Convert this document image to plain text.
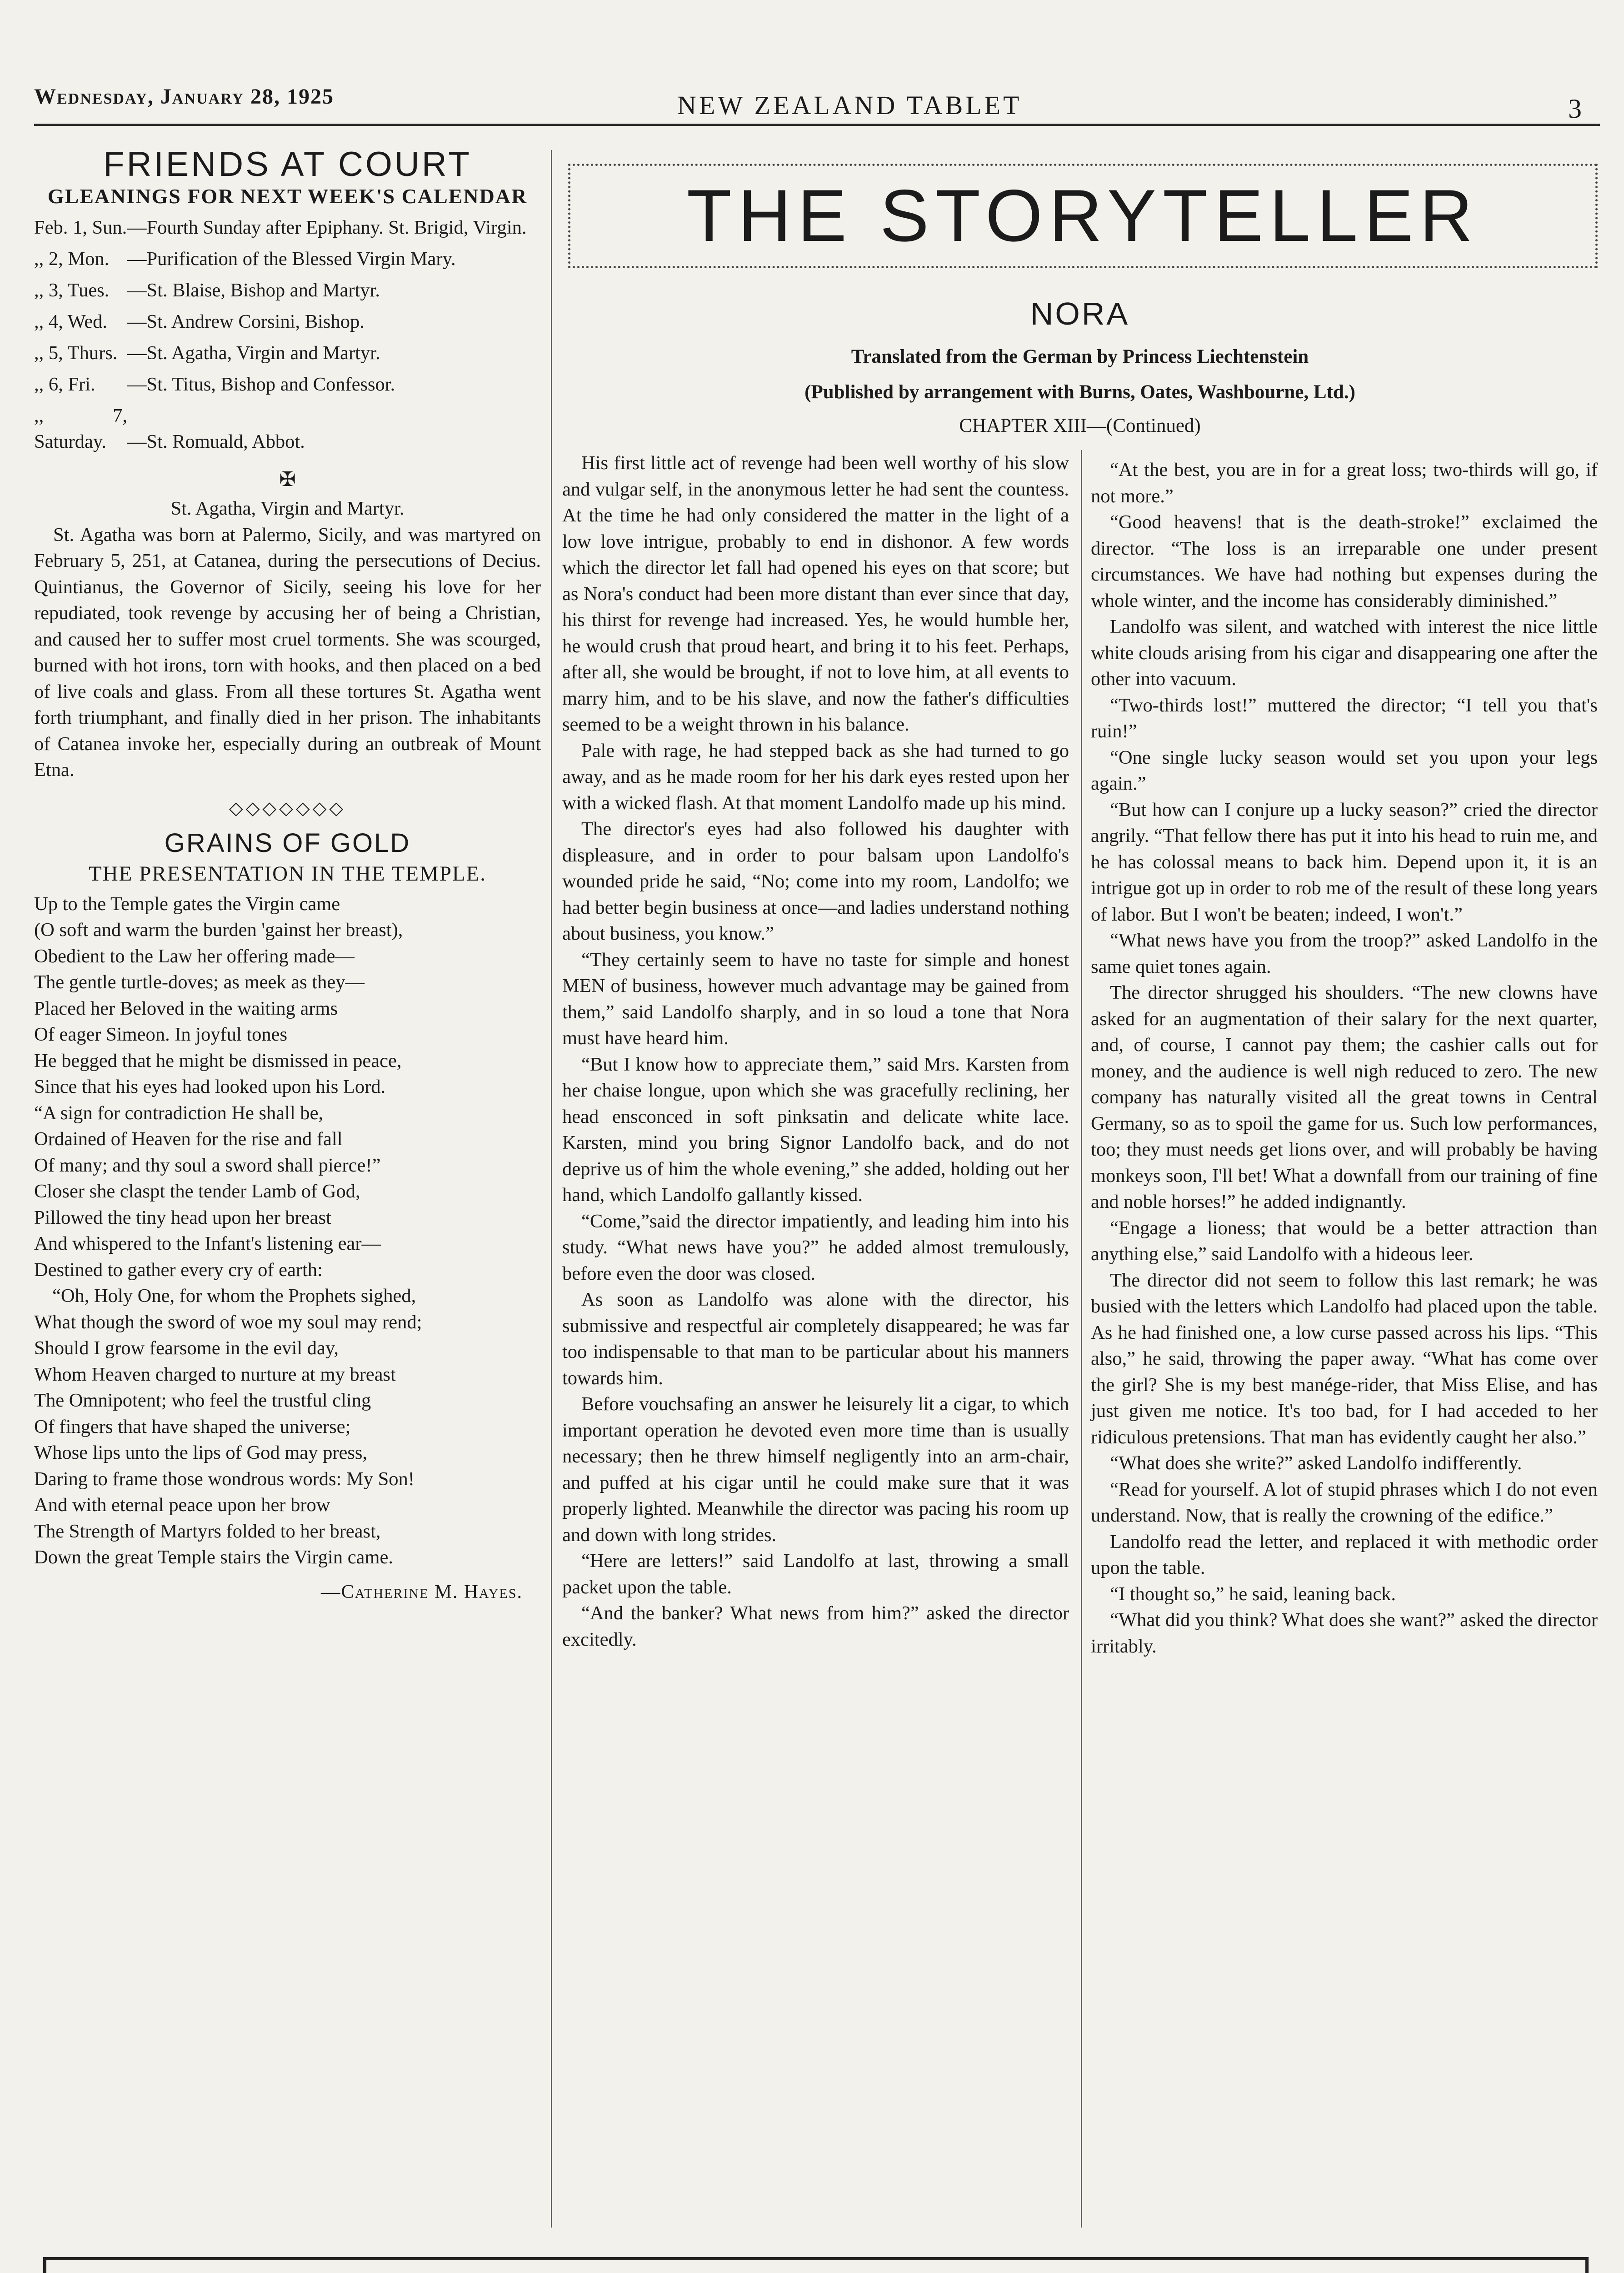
Wednesday, January 28, 1925	NEW ZEALAND TABLET	3
FRIENDS AT COURT
GLEANINGS FOR NEXT WEEK'S CALENDAR
Feb. 1, Sun.—Fourth Sunday after Epiphany. St. Brigid, Virgin.
,, 2, Mon. —Purification of the Blessed Virgin Mary.
,, 3, Tues. —St. Blaise, Bishop and Martyr.
,, 4, Wed. —St. Andrew Corsini, Bishop.
,, 5, Thurs. —St. Agatha, Virgin and Martyr.
,, 6, Fri. —St. Titus, Bishop and Confessor.
,, 7, Saturday. —St. Romuald, Abbot.
✠

St. Agatha, Virgin and Martyr.

St. Agatha was born at Palermo, Sicily, and was martyred on February 5, 251, at Catanea, during the persecutions of Decius. Quintianus, the Governor of Sicily, seeing his love for her repudiated, took revenge by accusing her of being a Christian, and caused her to suffer most cruel torments. She was scourged, burned with hot irons, torn with hooks, and then placed on a bed of live coals and glass. From all these tortures St. Agatha went forth triumphant, and finally died in her prison. The inhabitants of Catanea invoke her, especially during an outbreak of Mount Etna.

◇◇◇◇◇◇◇
GRAINS OF GOLD
THE PRESENTATION IN THE TEMPLE.
Up to the Temple gates the Virgin came
(O soft and warm the burden 'gainst her breast),
Obedient to the Law her offering made—
The gentle turtle-doves; as meek as they—
Placed her Beloved in the waiting arms
Of eager Simeon. In joyful tones
He begged that he might be dismissed in peace,
Since that his eyes had looked upon his Lord.
“A sign for contradiction He shall be,
Ordained of Heaven for the rise and fall
Of many; and thy soul a sword shall pierce!”
Closer she claspt the tender Lamb of God,
Pillowed the tiny head upon her breast
And whispered to the Infant's listening ear—
Destined to gather every cry of earth:
“Oh, Holy One, for whom the Prophets sighed,
What though the sword of woe my soul may rend;
Should I grow fearsome in the evil day,
Whom Heaven charged to nurture at my breast
The Omnipotent; who feel the trustful cling
Of fingers that have shaped the universe;
Whose lips unto the lips of God may press,
Daring to frame those wondrous words: My Son!
And with eternal peace upon her brow
The Strength of Martyrs folded to her breast,
Down the great Temple stairs the Virgin came.
—Catherine M. Hayes.
THE STORYTELLER
NORA
Translated from the German by Princess Liechtenstein
(Published by arrangement with Burns, Oates, Washbourne, Ltd.)
CHAPTER XIII—(Continued)

His first little act of revenge had been well worthy of his slow and vulgar self, in the anonymous letter he had sent the countess. At the time he had only considered the matter in the light of a low love intrigue, probably to end in dishonor. A few words which the director let fall had opened his eyes on that score; but as Nora's conduct had been more distant than ever since that day, his thirst for revenge had increased. Yes, he would humble her, he would crush that proud heart, and bring it to his feet. Perhaps, after all, she would be brought, if not to love him, at all events to marry him, and to be his slave, and now the father's difficulties seemed to be a weight thrown in his balance.

Pale with rage, he had stepped back as she had turned to go away, and as he made room for her his dark eyes rested upon her with a wicked flash. At that moment Landolfo made up his mind.

The director's eyes had also followed his daughter with displeasure, and in order to pour balsam upon Landolfo's wounded pride he said, “No; come into my room, Landolfo; we had better begin business at once—and ladies understand nothing about business, you know.”

“They certainly seem to have no taste for simple and honest MEN of business, however much advantage may be gained from them,” said Landolfo sharply, and in so loud a tone that Nora must have heard him.

“But I know how to appreciate them,” said Mrs. Karsten from her chaise longue, upon which she was gracefully reclining, her head ensconced in soft pinksatin and delicate white lace. Karsten, mind you bring Signor Landolfo back, and do not deprive us of him the whole evening,” she added, holding out her hand, which Landolfo gallantly kissed.

“Come,”said the director impatiently, and leading him into his study. “What news have you?” he added almost tremulously, before even the door was closed.

As soon as Landolfo was alone with the director, his submissive and respectful air completely disappeared; he was far too indispensable to that man to be particular about his manners towards him.

Before vouchsafing an answer he leisurely lit a cigar, to which important operation he devoted even more time than is usually necessary; then he threw himself negligently into an arm-chair, and puffed at his cigar until he could make sure that it was properly lighted. Meanwhile the director was pacing his room up and down with long strides.

“Here are letters!” said Landolfo at last, throwing a small packet upon the table.

“And the banker? What news from him?” asked the director excitedly.

“At the best, you are in for a great loss; two-thirds will go, if not more.”

“Good heavens! that is the death-stroke!” exclaimed the director. “The loss is an irreparable one under present circumstances. We have had nothing but expenses during the whole winter, and the income has considerably diminished.”

Landolfo was silent, and watched with interest the nice little white clouds arising from his cigar and disappearing one after the other into vacuum.

“Two-thirds lost!” muttered the director; “I tell you that's ruin!”

“One single lucky season would set you upon your legs again.”

“But how can I conjure up a lucky season?” cried the director angrily. “That fellow there has put it into his head to ruin me, and he has colossal means to back him. Depend upon it, it is an intrigue got up in order to rob me of the result of these long years of labor. But I won't be beaten; indeed, I won't.”

“What news have you from the troop?” asked Landolfo in the same quiet tones again.

The director shrugged his shoulders. “The new clowns have asked for an augmentation of their salary for the next quarter, and, of course, I cannot pay them; the cashier calls out for money, and the audience is well nigh reduced to zero. The new company has naturally visited all the great towns in Central Germany, so as to spoil the game for us. Such low performances, too; they must needs get lions over, and will probably be having monkeys soon, I'll bet! What a downfall from our training of fine and noble horses!” he added indignantly.

“Engage a lioness; that would be a better attraction than anything else,” said Landolfo with a hideous leer.

The director did not seem to follow this last remark; he was busied with the letters which Landolfo had placed upon the table. As he had finished one, a low curse passed across his lips. “This also,” he said, throwing the paper away. “What has come over the girl? She is my best manége-rider, that Miss Elise, and has just given me notice. It's too bad, for I had acceded to her ridiculous pretensions. That man has evidently caught her also.”

“What does she write?” asked Landolfo indifferently.

“Read for yourself. A lot of stupid phrases which I do not even understand. Now, that is really the crowning of the edifice.”

Landolfo read the letter, and replaced it with methodic order upon the table.

“I thought so,” he said, leaning back.

“What did you think? What does she want?” asked the director irritably.
